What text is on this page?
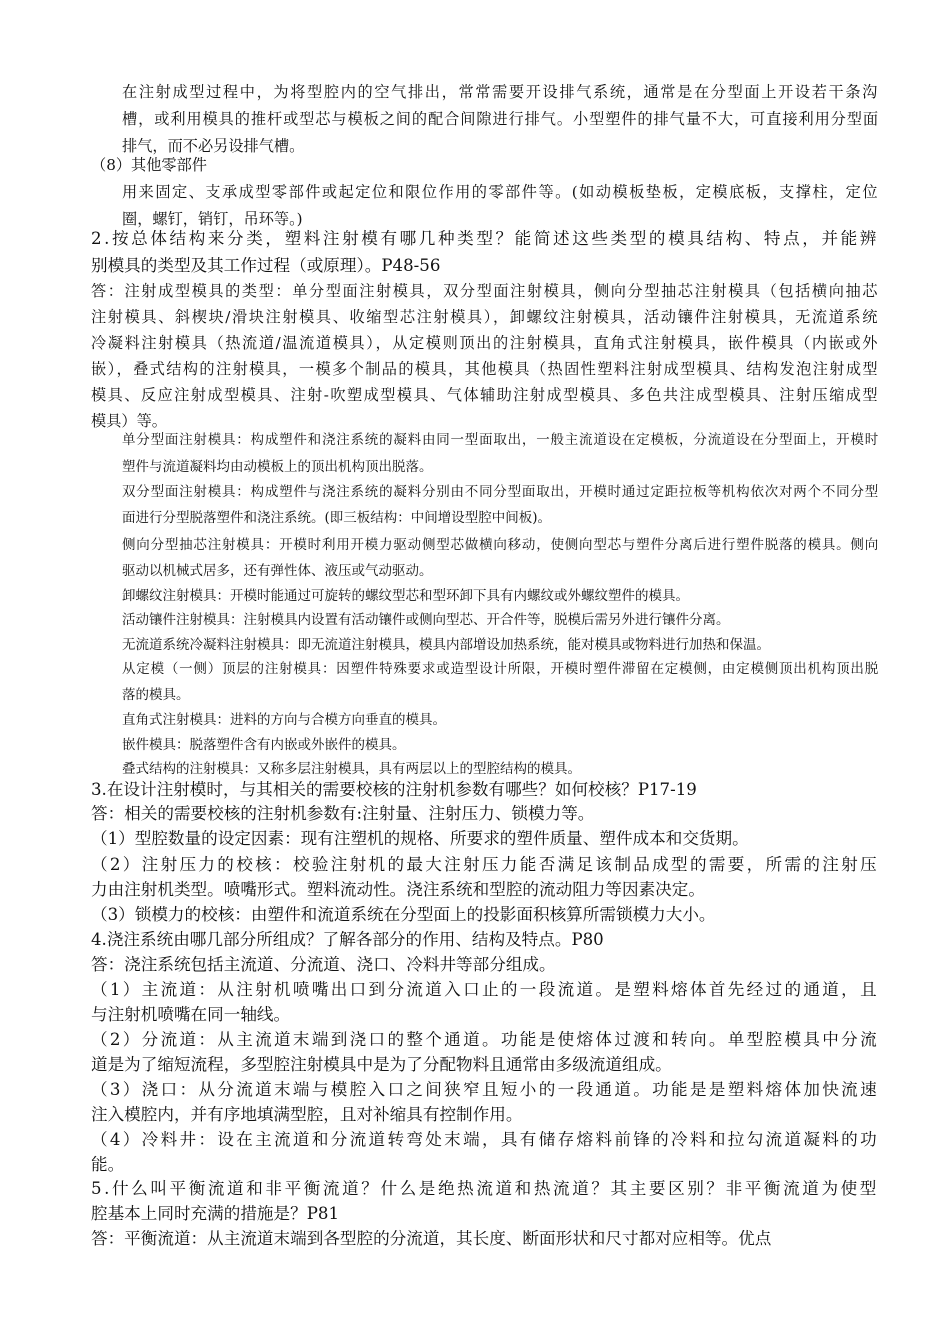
在注射成型过程中，为将型腔内的空气排出，常常需要开设排气系统，通常是在分型面上开设若干条沟
槽，或利用模具的推杆或型芯与模板之间的配合间隙进行排气。小型塑件的排气量不大，可直接利用分型面
排气，而不必另设排气槽。
（8）其他零部件
用来固定、支承成型零部件或起定位和限位作用的零部件等。(如动模板垫板，定模底板，支撑柱，定位
圈，螺钉，销钉，吊环等。)
2.按总体结构来分类，塑料注射模有哪几种类型？能简述这些类型的模具结构、特点，并能辨
别模具的类型及其工作过程（或原理）。P48-56
答：注射成型模具的类型：单分型面注射模具，双分型面注射模具，侧向分型抽芯注射模具（包括横向抽芯
注射模具、斜楔块/滑块注射模具、收缩型芯注射模具），卸螺纹注射模具，活动镶件注射模具，无流道系统
冷凝料注射模具（热流道/温流道模具），从定模则顶出的注射模具，直角式注射模具，嵌件模具（内嵌或外
嵌），叠式结构的注射模具，一模多个制品的模具，其他模具（热固性塑料注射成型模具、结构发泡注射成型
模具、反应注射成型模具、注射-吹塑成型模具、气体辅助注射成型模具、多色共注成型模具、注射压缩成型
模具）等。
单分型面注射模具：构成塑件和浇注系统的凝料由同一型面取出，一般主流道设在定模板，分流道设在分型面上，开模时
塑件与流道凝料均由动模板上的顶出机构顶出脱落。
双分型面注射模具：构成塑件与浇注系统的凝料分别由不同分型面取出，开模时通过定距拉板等机构依次对两个不同分型
面进行分型脱落塑件和浇注系统。(即三板结构：中间增设型腔中间板)。
侧向分型抽芯注射模具：开模时利用开模力驱动侧型芯做横向移动，使侧向型芯与塑件分离后进行塑件脱落的模具。侧向
驱动以机械式居多，还有弹性体、液压或气动驱动。
卸螺纹注射模具：开模时能通过可旋转的螺纹型芯和型环卸下具有内螺纹或外螺纹塑件的模具。
活动镶件注射模具：注射模具内设置有活动镶件或侧向型芯、开合件等，脱模后需另外进行镶件分离。
无流道系统冷凝料注射模具：即无流道注射模具，模具内部增设加热系统，能对模具或物料进行加热和保温。
从定模（一侧）顶层的注射模具：因塑件特殊要求或造型设计所限，开模时塑件滞留在定模侧，由定模侧顶出机构顶出脱
落的模具。
直角式注射模具：进料的方向与合模方向垂直的模具。
嵌件模具：脱落塑件含有内嵌或外嵌件的模具。
叠式结构的注射模具：又称多层注射模具，具有两层以上的型腔结构的模具。
3.在设计注射模时，与其相关的需要校核的注射机参数有哪些？如何校核？P17-19
答：相关的需要校核的注射机参数有:注射量、注射压力、锁模力等。
（1）型腔数量的设定因素：现有注塑机的规格、所要求的塑件质量、塑件成本和交货期。
（2）注射压力的校核：校验注射机的最大注射压力能否满足该制品成型的需要，所需的注射压
力由注射机类型。喷嘴形式。塑料流动性。浇注系统和型腔的流动阻力等因素决定。
（3）锁模力的校核：由塑件和流道系统在分型面上的投影面积核算所需锁模力大小。
4.浇注系统由哪几部分所组成？了解各部分的作用、结构及特点。P80
答：浇注系统包括主流道、分流道、浇口、冷料井等部分组成。
（1）主流道：从注射机喷嘴出口到分流道入口止的一段流道。是塑料熔体首先经过的通道，且
与注射机喷嘴在同一轴线。
（2）分流道：从主流道末端到浇口的整个通道。功能是使熔体过渡和转向。单型腔模具中分流
道是为了缩短流程，多型腔注射模具中是为了分配物料且通常由多级流道组成。
（3）浇口：从分流道末端与模腔入口之间狭窄且短小的一段通道。功能是是塑料熔体加快流速
注入模腔内，并有序地填满型腔，且对补缩具有控制作用。
（4）冷料井：设在主流道和分流道转弯处末端，具有储存熔料前锋的冷料和拉勾流道凝料的功
能。
5.什么叫平衡流道和非平衡流道？什么是绝热流道和热流道？其主要区别？非平衡流道为使型
腔基本上同时充满的措施是？P81
答：平衡流道：从主流道末端到各型腔的分流道，其长度、断面形状和尺寸都对应相等。优点
